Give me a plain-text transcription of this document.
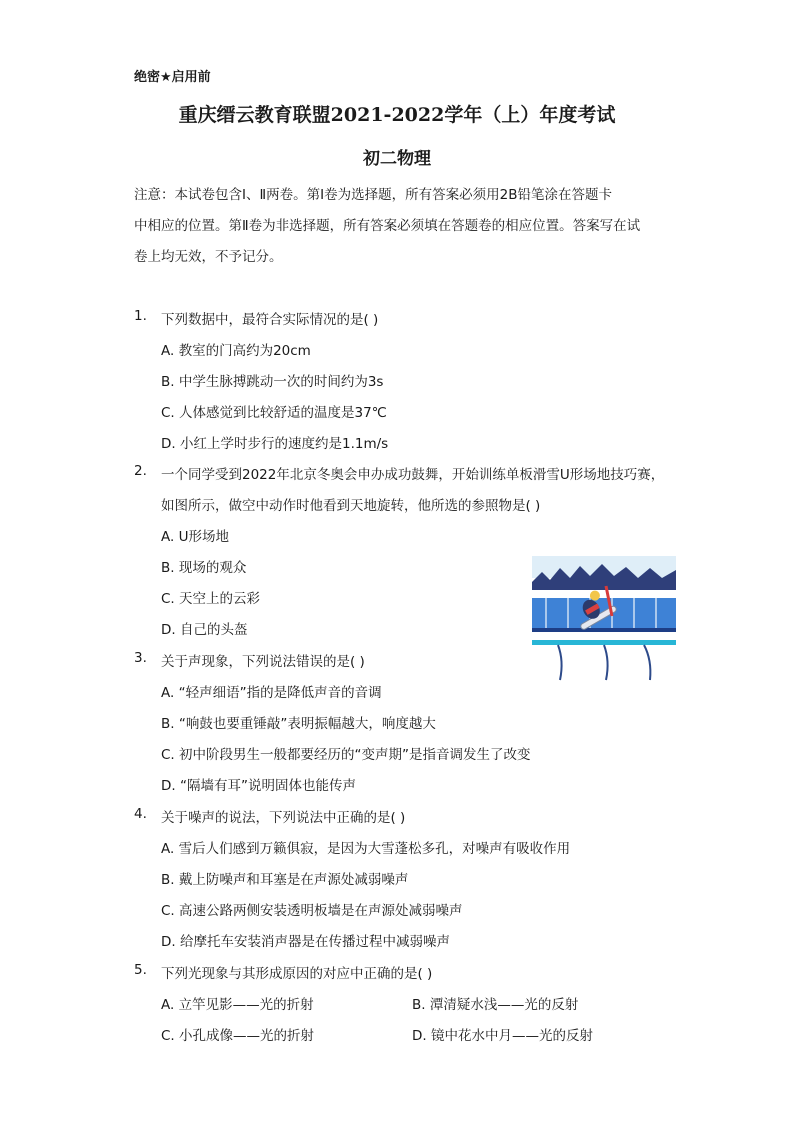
绝密★启用前
重庆缙云教育联盟2021-2022学年（上）年度考试
初二物理
注意：本试卷包含Ⅰ、Ⅱ两卷。第Ⅰ卷为选择题，所有答案必须用2B铅笔涂在答题卡
中相应的位置。第Ⅱ卷为非选择题，所有答案必须填在答题卷的相应位置。答案写在试
卷上均无效，不予记分。
1. 下列数据中，最符合实际情况的是( )
A. 教室的门高约为20cm
B. 中学生脉搏跳动一次的时间约为3s
C. 人体感觉到比较舒适的温度是37℃
D. 小红上学时步行的速度约是1.1m/s
2. 一个同学受到2022年北京冬奥会申办成功鼓舞，开始训练单板滑雪U形场地技巧赛，
如图所示，做空中动作时他看到天地旋转，他所选的参照物是( )
A. U形场地
B. 现场的观众
C. 天空上的云彩
D. 自己的头盔
3. 关于声现象，下列说法错误的是( )
A. “轻声细语”指的是降低声音的音调
B. “响鼓也要重锤敲”表明振幅越大，响度越大
C. 初中阶段男生一般都要经历的“变声期”是指音调发生了改变
D. “隔墙有耳”说明固体也能传声
4. 关于噪声的说法，下列说法中正确的是( )
A. 雪后人们感到万籁俱寂，是因为大雪蓬松多孔，对噪声有吸收作用
B. 戴上防噪声和耳塞是在声源处减弱噪声
C. 高速公路两侧安装透明板墙是在声源处减弱噪声
D. 给摩托车安装消声器是在传播过程中减弱噪声
5. 下列光现象与其形成原因的对应中正确的是( )
A. 立竿见影——光的折射	B. 潭清疑水浅——光的反射
C. 小孔成像——光的折射	D. 镜中花水中月——光的反射
